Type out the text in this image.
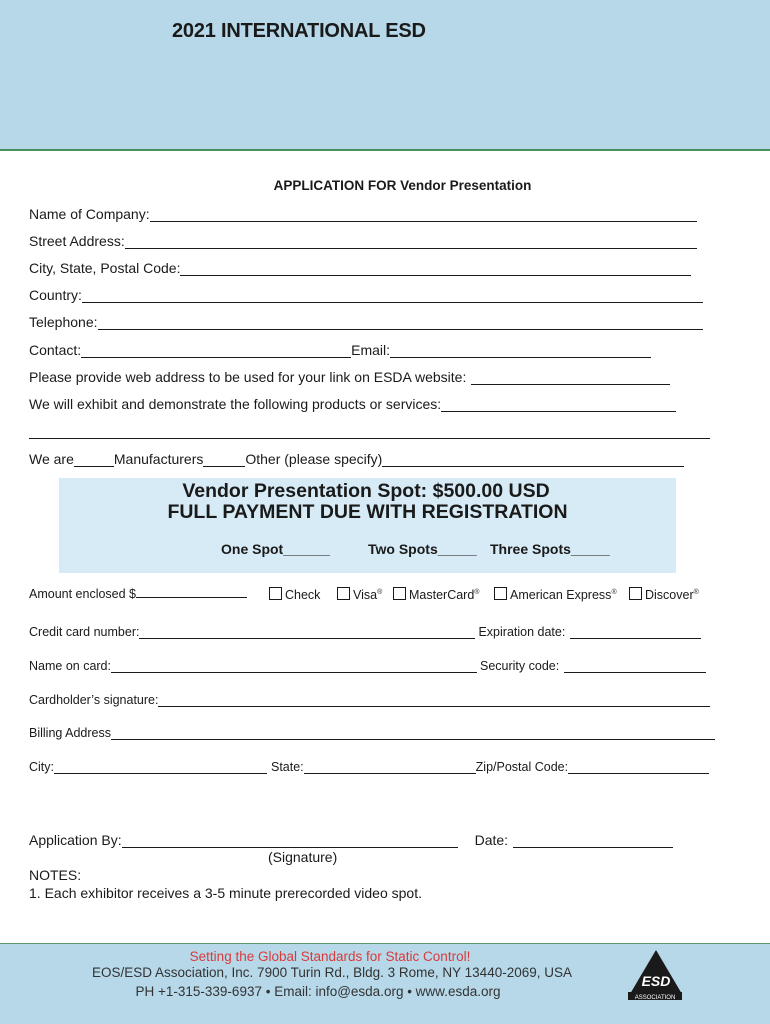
2021 INTERNATIONAL ESD
APPLICATION FOR Vendor Presentation
Name of Company:
Street Address:
City, State, Postal Code:
Country:
Telephone:
Contact:	Email:
Please provide web address to be used for your link on ESDA website:
We will exhibit and demonstrate the following products or services:
We are	Manufacturers	Other (please specify)
Vendor Presentation Spot: $500.00 USD
FULL PAYMENT DUE WITH REGISTRATION
One Spot______	Two Spots_____ Three Spots_____
Amount enclosed $	Check	Visa®	MasterCard®	American Express®	Discover®
Credit card number:	Expiration date:
Name on card:	Security code:
Cardholder’s signature:
Billing Address
City:	State:	Zip/Postal Code:
Application By:	Date:
(Signature)
NOTES:
1. Each exhibitor receives a 3-5 minute prerecorded video spot.
Setting the Global Standards for Static Control!
EOS/ESD Association, Inc. 7900 Turin Rd., Bldg. 3 Rome, NY 13440-2069, USA
PH +1-315-339-6937 • Email: info@esda.org • www.esda.org
ESD
ASSOCIATION
